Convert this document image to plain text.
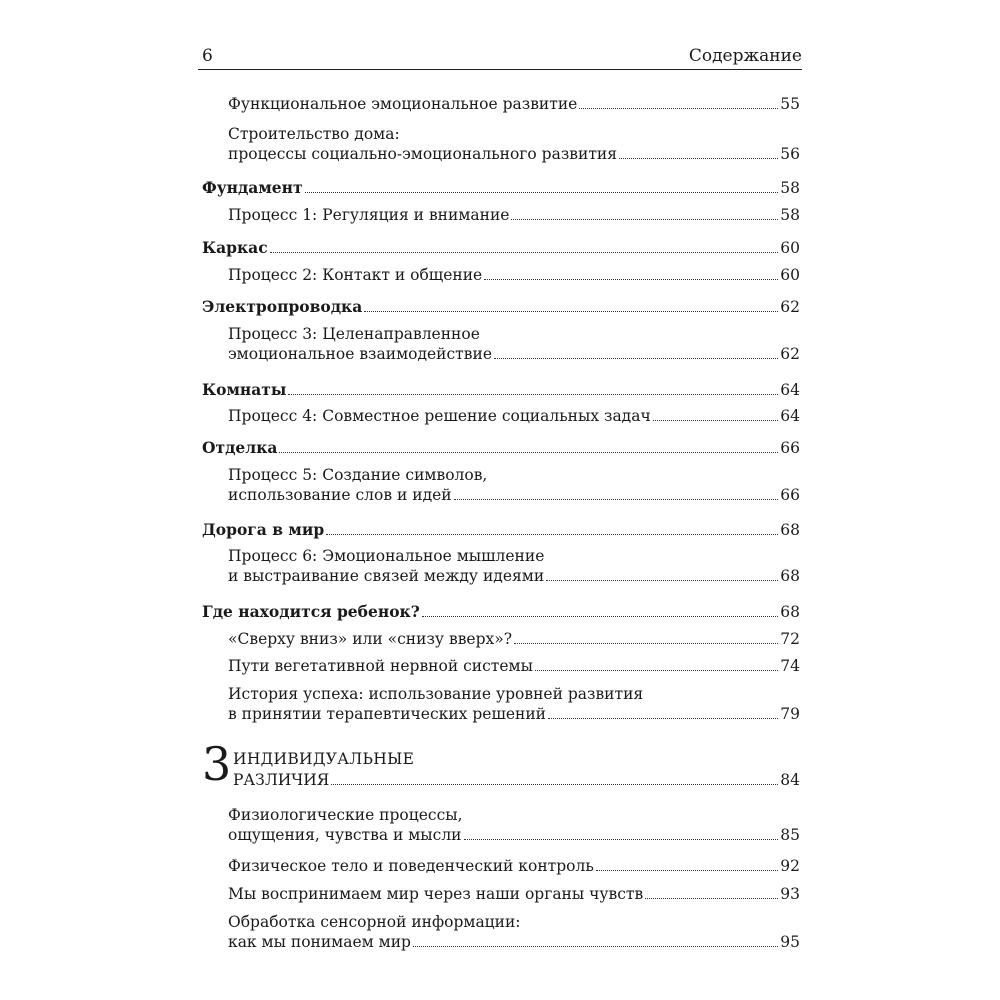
6	Содержание
Функциональное эмоциональное развитие	55
Строительство дома:
процессы социально-эмоционального развития	56
Фундамент	58
Процесс 1: Регуляция и внимание	58
Каркас	60
Процесс 2: Контакт и общение	60
Электропроводка	62
Процесс 3: Целенаправленное
эмоциональное взаимодействие	62
Комнаты	64
Процесс 4: Совместное решение социальных задач	64
Отделка	66
Процесс 5: Создание символов,
использование слов и идей	66
Дорога в мир	68
Процесс 6: Эмоциональное мышление
и выстраивание связей между идеями	68
Где находится ребенок?	68
«Сверху вниз» или «снизу вверх»?	72
Пути вегетативной нервной системы	74
История успеха: использование уровней развития
в принятии терапевтических решений	79
3 ИНДИВИДУАЛЬНЫЕ
РАЗЛИЧИЯ	84
Физиологические процессы,
ощущения, чувства и мысли	85
Физическое тело и поведенческий контроль	92
Мы воспринимаем мир через наши органы чувств	93
Обработка сенсорной информации:
как мы понимаем мир	95
